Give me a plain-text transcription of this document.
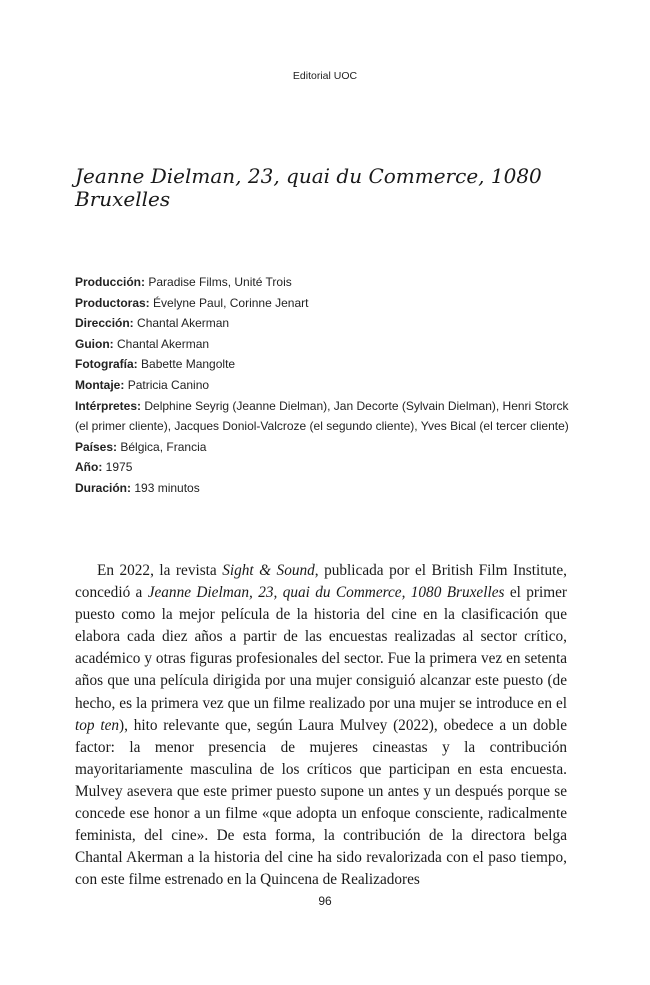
Editorial UOC
Jeanne Dielman, 23, quai du Commerce, 1080 Bruxelles
Producción: Paradise Films, Unité Trois
Productoras: Évelyne Paul, Corinne Jenart
Dirección: Chantal Akerman
Guion: Chantal Akerman
Fotografía: Babette Mangolte
Montaje: Patricia Canino
Intérpretes: Delphine Seyrig (Jeanne Dielman), Jan Decorte (Sylvain Dielman), Henri Storck (el primer cliente), Jacques Doniol-Valcroze (el segundo cliente), Yves Bical (el tercer cliente)
Países: Bélgica, Francia
Año: 1975
Duración: 193 minutos

En 2022, la revista Sight & Sound, publicada por el British Film Institute, concedió a Jeanne Dielman, 23, quai du Commerce, 1080 Bruxelles el primer puesto como la mejor película de la historia del cine en la clasificación que elabora cada diez años a partir de las encuestas realizadas al sector crítico, académico y otras figuras profesionales del sector. Fue la primera vez en setenta años que una película dirigida por una mujer consiguió alcanzar este puesto (de hecho, es la primera vez que un filme realizado por una mujer se introduce en el top ten), hito relevante que, según Laura Mulvey (2022), obedece a un doble factor: la menor presencia de mujeres cineastas y la contribución mayoritariamente masculina de los críticos que participan en esta encuesta. Mulvey asevera que este primer puesto supone un antes y un después porque se concede ese honor a un filme «que adopta un enfoque consciente, radicalmente feminista, del cine». De esta forma, la contribución de la directora belga Chantal Akerman a la historia del cine ha sido revalorizada con el paso tiempo, con este filme estrenado en la Quincena de Realizadores

96
